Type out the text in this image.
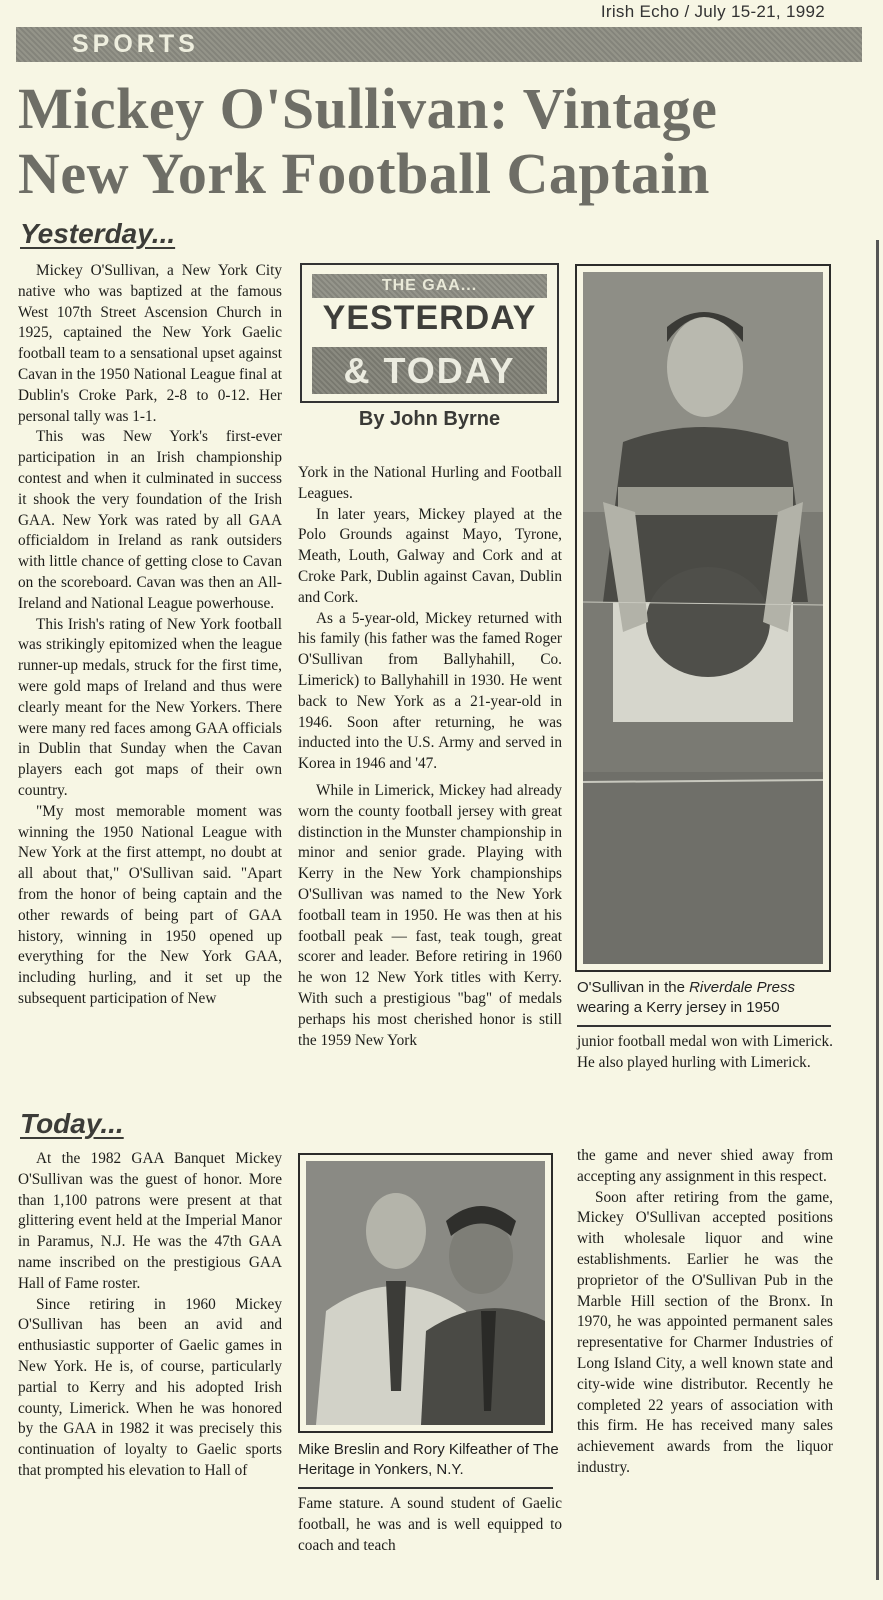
Irish Echo / July 15-21, 1992
SPORTS
Mickey O'Sullivan: Vintage
New York Football Captain
Yesterday...

Mickey O'Sullivan, a New York City native who was baptized at the famous West 107th Street Ascension Church in 1925, captained the New York Gaelic football team to a sensational upset against Cavan in the 1950 National League final at Dublin's Croke Park, 2-8 to 0-12. Her personal tally was 1-1.

This was New York's first-ever participation in an Irish championship contest and when it culminated in success it shook the very foundation of the Irish GAA. New York was rated by all GAA officialdom in Ireland as rank outsiders with little chance of getting close to Cavan on the scoreboard. Cavan was then an All-Ireland and National League powerhouse.

This Irish's rating of New York football was strikingly epitomized when the league runner-up medals, struck for the first time, were gold maps of Ireland and thus were clearly meant for the New Yorkers. There were many red faces among GAA officials in Dublin that Sunday when the Cavan players each got maps of their own country.

"My most memorable moment was winning the 1950 National League with New York at the first attempt, no doubt at all about that," O'Sullivan said. "Apart from the honor of being captain and the other rewards of being part of GAA history, winning in 1950 opened up everything for the New York GAA, including hurling, and it set up the subsequent participation of New

THE GAA...
YESTERDAY
& TODAY
By John Byrne

York in the National Hurling and Football Leagues.

In later years, Mickey played at the Polo Grounds against Mayo, Tyrone, Meath, Louth, Galway and Cork and at Croke Park, Dublin against Cavan, Dublin and Cork.

As a 5-year-old, Mickey returned with his family (his father was the famed Roger O'Sullivan from Ballyhahill, Co. Limerick) to Ballyhahill in 1930. He went back to New York as a 21-year-old in 1946. Soon after returning, he was inducted into the U.S. Army and served in Korea in 1946 and '47.

While in Limerick, Mickey had already worn the county football jersey with great distinction in the Munster championship in minor and senior grade. Playing with Kerry in the New York championships O'Sullivan was named to the New York football team in 1950. He was then at his football peak — fast, teak tough, great scorer and leader. Before retiring in 1960 he won 12 New York titles with Kerry. With such a prestigious "bag" of medals perhaps his most cherished honor is still the 1959 New York

O'Sullivan in the Riverdale Press
wearing a Kerry jersey in 1950

junior football medal won with Limerick. He also played hurling with Limerick.

Today...

At the 1982 GAA Banquet Mickey O'Sullivan was the guest of honor. More than 1,100 patrons were present at that glittering event held at the Imperial Manor in Paramus, N.J. He was the 47th GAA name inscribed on the prestigious GAA Hall of Fame roster.

Since retiring in 1960 Mickey O'Sullivan has been an avid and enthusiastic supporter of Gaelic games in New York. He is, of course, particularly partial to Kerry and his adopted Irish county, Limerick. When he was honored by the GAA in 1982 it was precisely this continuation of loyalty to Gaelic sports that prompted his elevation to Hall of

Mike Breslin and Rory Kilfeather of The Heritage in Yonkers, N.Y.

Fame stature. A sound student of Gaelic football, he was and is well equipped to coach and teach

the game and never shied away from accepting any assignment in this respect.

Soon after retiring from the game, Mickey O'Sullivan accepted positions with wholesale liquor and wine establishments. Earlier he was the proprietor of the O'Sullivan Pub in the Marble Hill section of the Bronx. In 1970, he was appointed permanent sales representative for Charmer Industries of Long Island City, a well known state and city-wide wine distributor. Recently he completed 22 years of association with this firm. He has received many sales achievement awards from the liquor industry.
